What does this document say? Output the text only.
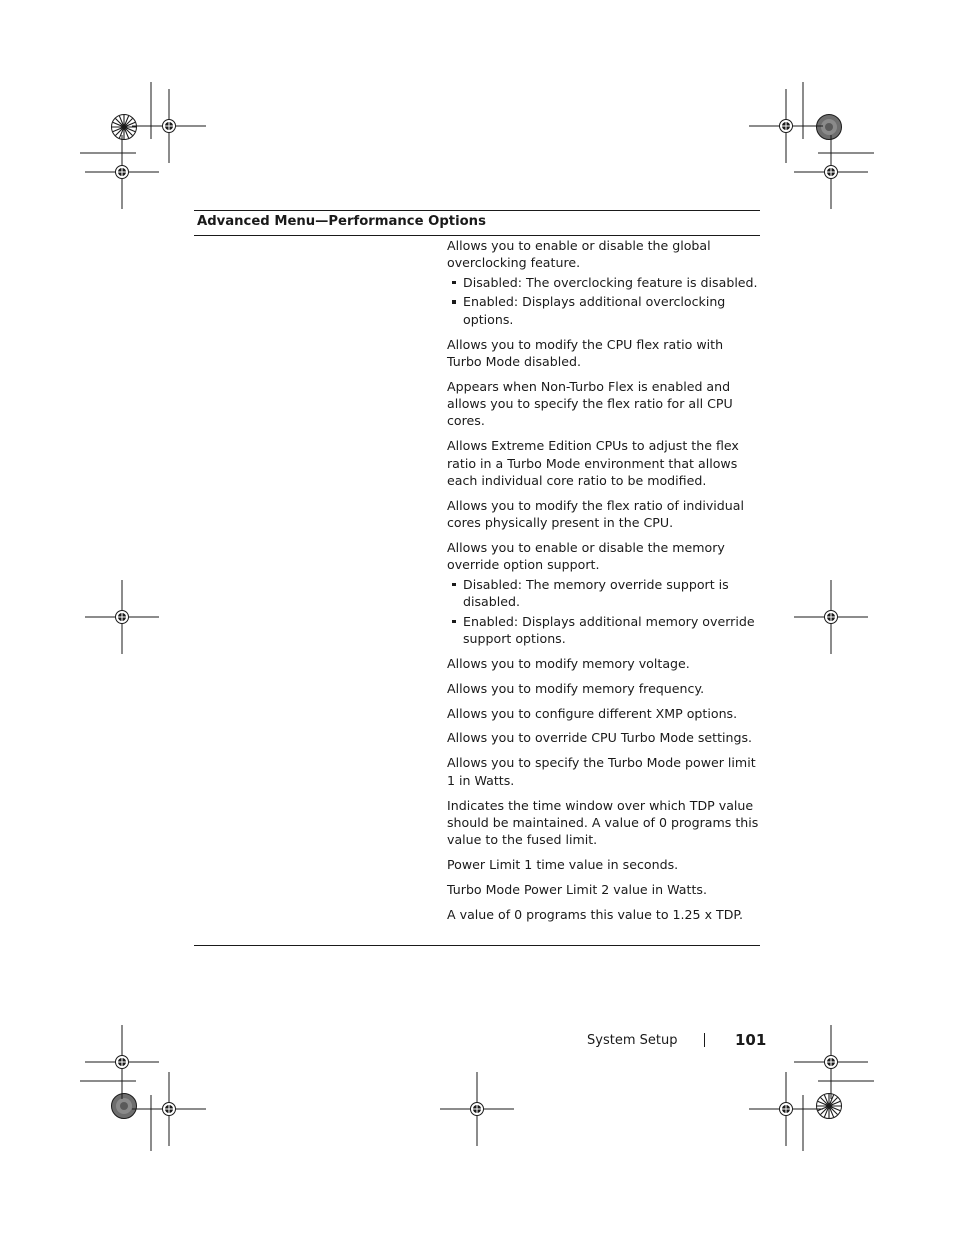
Advanced Menu—Performance Options

Allows you to enable or disable the global overclocking feature.

Disabled: The overclocking feature is disabled.
Enabled: Displays additional overclocking options.

Allows you to modify the CPU flex ratio with Turbo Mode disabled.

Appears when Non-Turbo Flex is enabled and allows you to specify the flex ratio for all CPU cores.

Allows Extreme Edition CPUs to adjust the flex ratio in a Turbo Mode environment that allows each individual core ratio to be modified.

Allows you to modify the flex ratio of individual cores physically present in the CPU.

Allows you to enable or disable the memory override option support.

Disabled: The memory override support is disabled.
Enabled: Displays additional memory override support options.

Allows you to modify memory voltage.

Allows you to modify memory frequency.

Allows you to configure different XMP options.

Allows you to override CPU Turbo Mode settings.

Allows you to specify the Turbo Mode power limit 1 in Watts.

Indicates the time window over which TDP value should be maintained. A value of 0 programs this value to the fused limit.

Power Limit 1 time value in seconds.

Turbo Mode Power Limit 2 value in Watts.

A value of 0 programs this value to 1.25 x TDP.

System Setup	101
